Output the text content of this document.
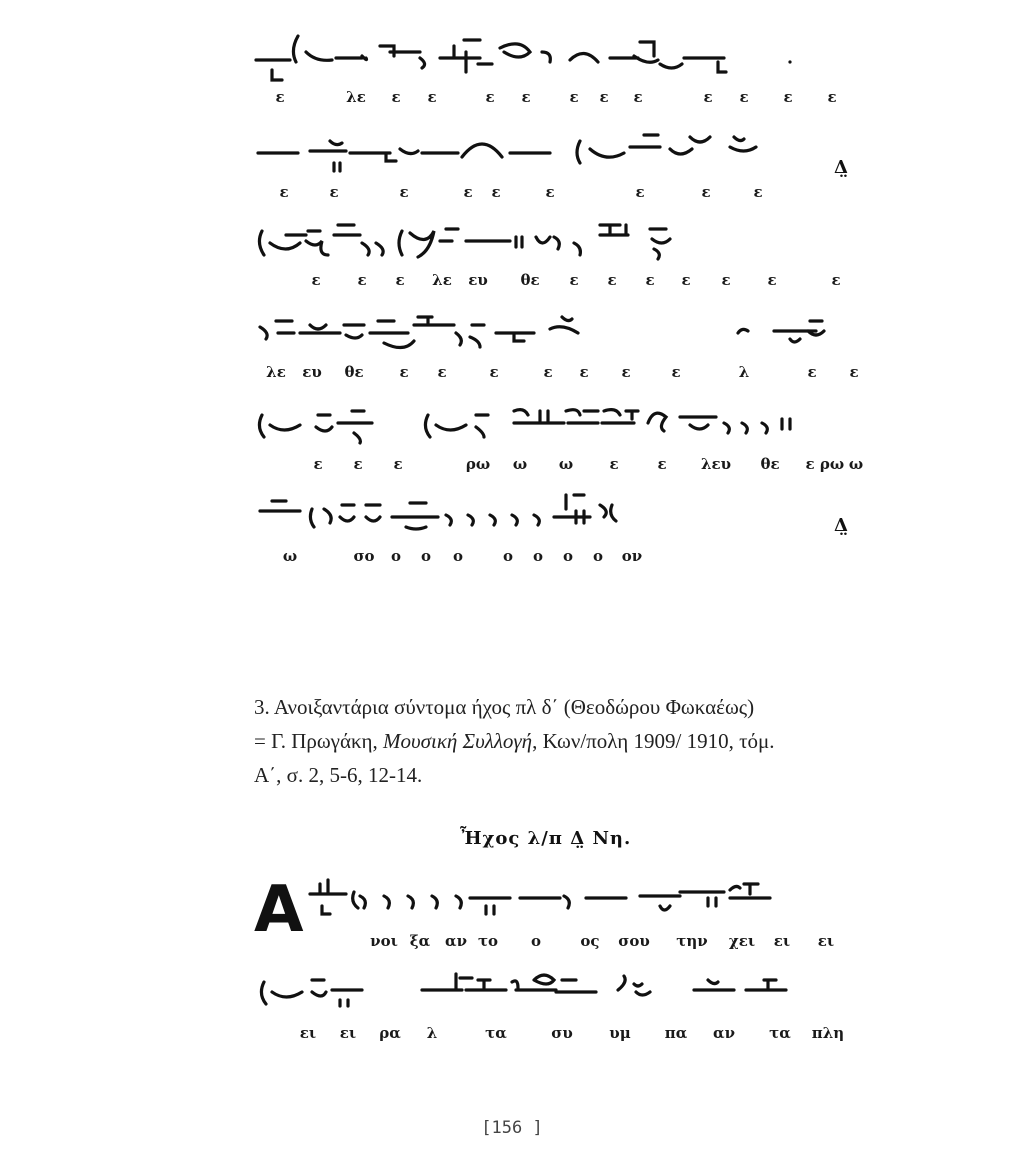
ε	λε ε ε	ε ε	ε ε ε	ε ε ε ε
ε	ε	ε	ε ε	ε	ε	ε	ε
Δ̤
ε ε ε λε ευ θε ε ε ε ε ε ε	ε
λε ευ θε ε ε	ε	ε ε ε	ε	λ	ε ε
ε ε ε	ρω ω ω ε	ε λευ θε ε ρω ω
ω	σο ο ο ο	ο ο ο ο ον
Δ̤
3. Ανοιξαντάρια σύντομα ήχος πλ δ΄ (Θεοδώρου Φωκαέως)
= Γ. Πρωγάκη, Μουσική Συλλογή, Κων/πολη 1909/ 1910, τόμ.
Α΄, σ. 2, 5-6, 12-14.
Ἦχος λ/π Δ̤ Νη.
Α	νοι ξα αν το ο	ος σου την χει ει ει
ει ει ρα λ	τα	συ υμ πα αν τα πλη
[156 ]
